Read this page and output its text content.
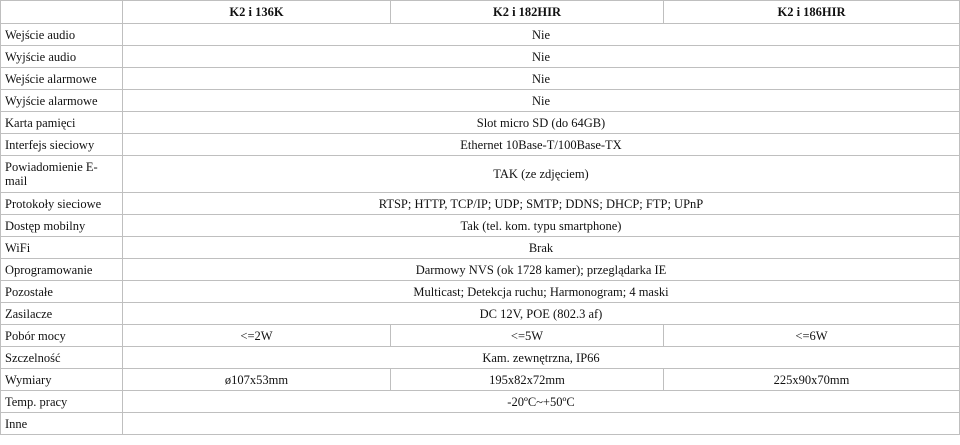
	K2 i 136K	K2 i 182HIR	K2 i 186HIR
Wejście audio	Nie		
Wyjście audio	Nie		
Wejście alarmowe	Nie		
Wyjście alarmowe	Nie		
Karta pamięci	Slot micro SD (do 64GB)		
Interfejs sieciowy	Ethernet 10Base-T/100Base-TX		
Powiadomienie E-mail	TAK (ze zdjęciem)		
Protokoły sieciowe	RTSP; HTTP, TCP/IP; UDP; SMTP; DDNS; DHCP; FTP; UPnP		
Dostęp mobilny	Tak (tel. kom. typu smartphone)		
WiFi	Brak		
Oprogramowanie	Darmowy NVS (ok 1728 kamer); przeglądarka IE		
Pozostałe	Multicast; Detekcja ruchu; Harmonogram; 4 maski		
Zasilacze	DC 12V, POE (802.3 af)		
Pobór mocy	<=2W	<=5W	<=6W
Szczelność	Kam. zewnętrzna, IP66		
Wymiary	ø107x53mm	195x82x72mm	225x90x70mm
Temp. pracy	-20ºC~+50ºC		
Inne			
